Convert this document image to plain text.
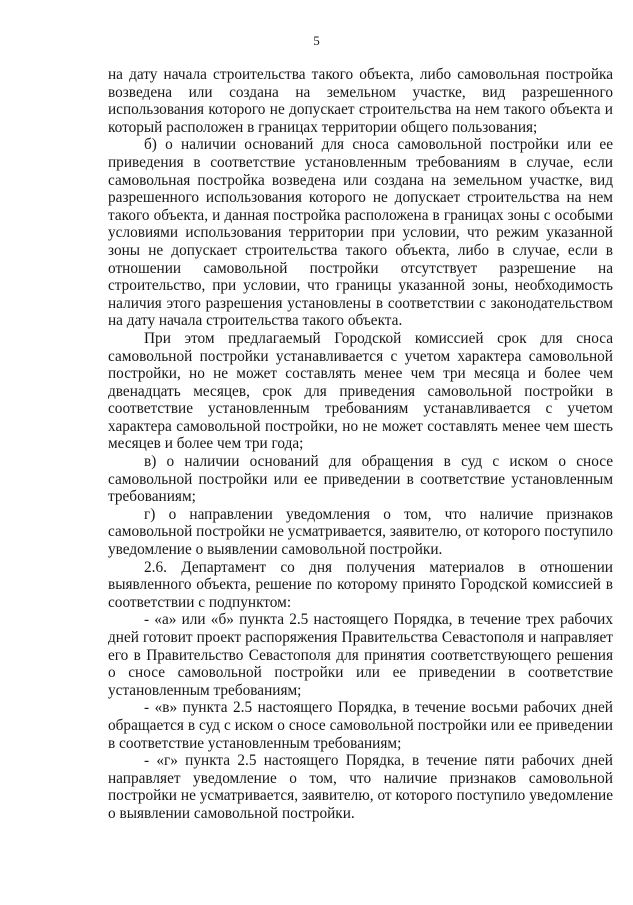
5

на дату начала строительства такого объекта, либо самовольная постройка возведена или создана на земельном участке, вид разрешенного использования которого не допускает строительства на нем такого объекта и который расположен в границах территории общего пользования;

б) о наличии оснований для сноса самовольной постройки или ее приведения в соответствие установленным требованиям в случае, если самовольная постройка возведена или создана на земельном участке, вид разрешенного использования которого не допускает строительства на нем такого объекта, и данная постройка расположена в границах зоны с особыми условиями использования территории при условии, что режим указанной зоны не допускает строительства такого объекта, либо в случае, если в отношении самовольной постройки отсутствует разрешение на строительство, при условии, что границы указанной зоны, необходимость наличия этого разрешения установлены в соответствии с законодательством на дату начала строительства такого объекта.

При этом предлагаемый Городской комиссией срок для сноса самовольной постройки устанавливается с учетом характера самовольной постройки, но не может составлять менее чем три месяца и более чем двенадцать месяцев, срок для приведения самовольной постройки в соответствие установленным требованиям устанавливается с учетом характера самовольной постройки, но не может составлять менее чем шесть месяцев и более чем три года;

в) о наличии оснований для обращения в суд с иском о сносе самовольной постройки или ее приведении в соответствие установленным требованиям;

г) о направлении уведомления о том, что наличие признаков самовольной постройки не усматривается, заявителю, от которого поступило уведомление о выявлении самовольной постройки.

2.6. Департамент со дня получения материалов в отношении выявленного объекта, решение по которому принято Городской комиссией в соответствии с подпунктом:

- «а» или «б» пункта 2.5 настоящего Порядка, в течение трех рабочих дней готовит проект распоряжения Правительства Севастополя и направляет его в Правительство Севастополя для принятия соответствующего решения о сносе самовольной постройки или ее приведении в соответствие установленным требованиям;

- «в» пункта 2.5 настоящего Порядка, в течение восьми рабочих дней обращается в суд с иском о сносе самовольной постройки или ее приведении в соответствие установленным требованиям;

- «г» пункта 2.5 настоящего Порядка, в течение пяти рабочих дней направляет уведомление о том, что наличие признаков самовольной постройки не усматривается, заявителю, от которого поступило уведомление о выявлении самовольной постройки.
